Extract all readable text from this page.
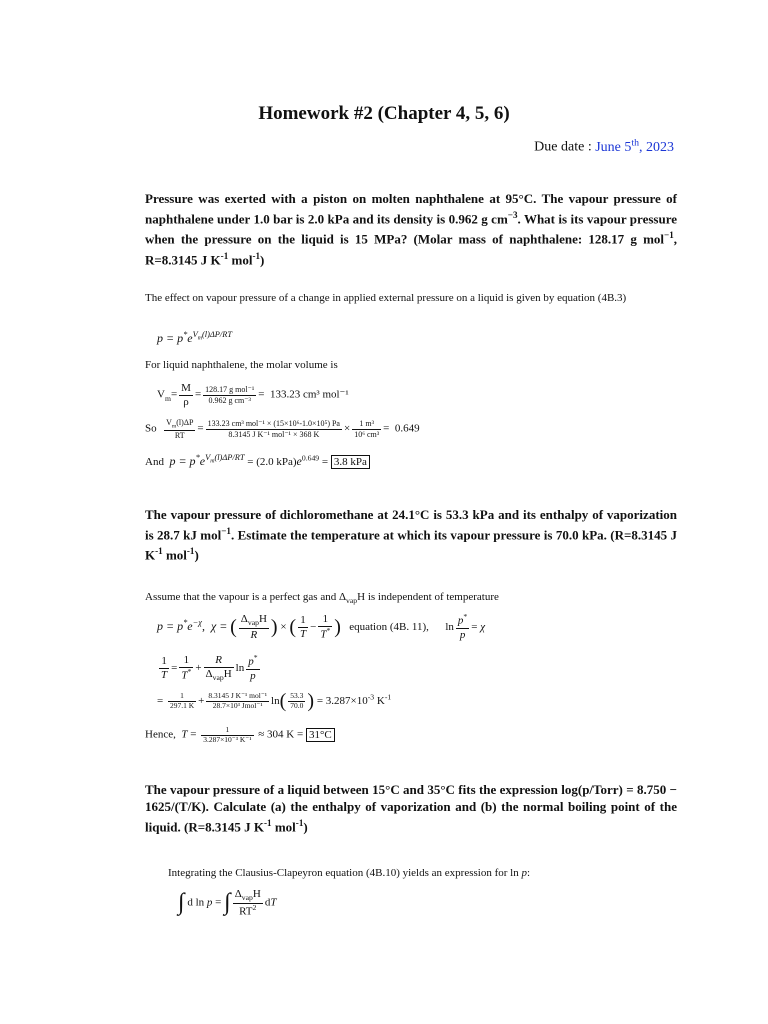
Homework #2 (Chapter 4, 5, 6)
Due date : June 5th, 2023
Pressure was exerted with a piston on molten naphthalene at 95°C. The vapour pressure of naphthalene under 1.0 bar is 2.0 kPa and its density is 0.962 g $cm^{-3}$. What is its vapour pressure when the pressure on the liquid is 15 MPa? (Molar mass of naphthalene: 128.17 g mol$^{-1}$, R=8.3145 J $K^{-1}$ mol$^{-1}$)
The effect on vapour pressure of a change in applied external pressure on a liquid is given by equation (4B.3)
$p = p^*e^{V_m(l)\Delta P/RT}$
For liquid naphthalene, the molar volume is
$V_m= \frac{M}{\rho} = \frac{\text{128.17 g mol⁻¹}}{\text{0.962 g cm⁻³}} = 133.23$ cm³ mol⁻¹
So $\frac{V_m(l)\Delta P}{RT} = \frac{\text{133.23 cm³ mol⁻¹ × (15×10⁶-1.0×10⁵) Pa}}{\text{8.3145 J K⁻¹ mol⁻¹ × 368 K}} \times \frac{\text{1 m³}}{\text{10⁶ cm³}} = 0.649$
And $p = p^*e^{V_m(l)\Delta P/RT} = (2.0$ $kPa)e^{0.649} = 3.8$ kPa
The vapour pressure of dichloromethane at 24.1°C is 53.3 kPa and its enthalpy of vaporization is 28.7 kJ mol$^{-1}$. Estimate the temperature at which its vapour pressure is 70.0 kPa. (R=8.3145 J $K^{-1}$ mol$^{-1}$)
Assume that the vapour is a perfect gas and $\Delta_{vap}H$ is independent of temperature
$p = p^*e^{-\chi}$,  χ = ( $\frac{\Delta_{vap}H}{R}$ ) × ( $\frac{1}{T} - \frac{1}{T^*}$ ) equation (4B. 11),      $\ln \frac{p^*}{p} = \chi$
$\frac{1}{T} = \frac{1}{T^*} + \frac{R}{\Delta_{vap}H}$ $\ln \frac{p^*}{p}$
= $\frac{1}{297.1 K} + \frac{\text{8.3145 J K⁻¹ mol⁻¹}}{\text{28.7×10³ Jmol⁻¹}} \ln( \frac{53.3}{70.0}$ ) = $3.287\times 10^{-3}$ $K^{-1}$
Hence, $T = \frac{1}{\text{3.287×10⁻³ K⁻¹}} \approx 304$ K = 31°C
The vapour pressure of a liquid between 15°C and 35°C fits the expression log(p/Torr) = 8.750 − 1625/(T/K). Calculate (a) the enthalpy of vaporization and (b) the normal boiling point of the liquid. (R=8.3145 J $K^{-1}$ mol$^{-1}$)
Integrating the Clausius-Clapeyron equation (4B.10) yields an expression for ln p:
∫ d ln p = ∫ $\frac{\Delta_{vap}H}{RT^2}$ dT
